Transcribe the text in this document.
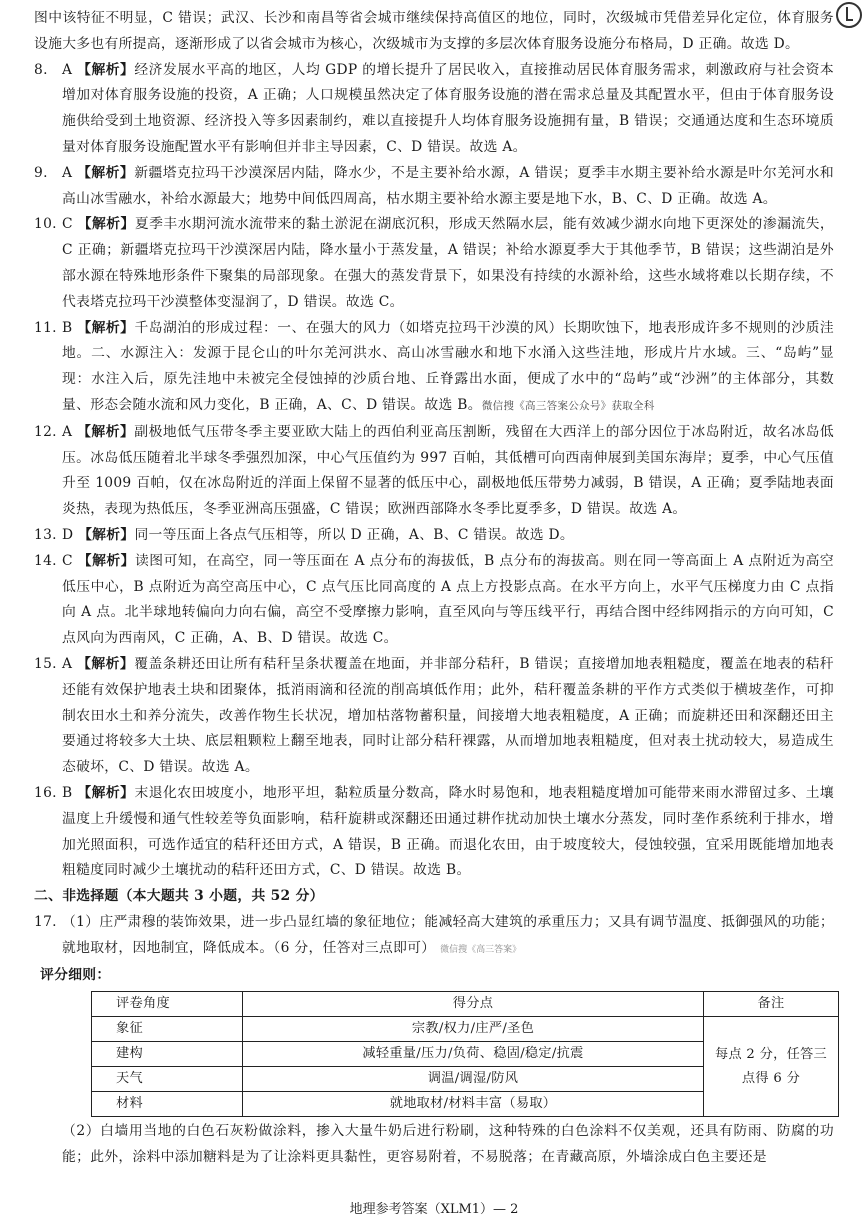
图中该特征不明显，C 错误；武汉、长沙和南昌等省会城市继续保持高值区的地位，同时，次级城市凭借差异化定位，体育服务设施大多也有所提高，逐渐形成了以省会城市为核心，次级城市为支撑的多层次体育服务设施分布格局，D 正确。故选 D。

8.	A 【解析】经济发展水平高的地区，人均 GDP 的增长提升了居民收入，直接推动居民体育服务需求，刺激政府与社会资本增加对体育服务设施的投资，A 正确；人口规模虽然决定了体育服务设施的潜在需求总量及其配置水平，但由于体育服务设施供给受到土地资源、经济投入等多因素制约，难以直接提升人均体育服务设施拥有量，B 错误；交通通达度和生态环境质量对体育服务设施配置水平有影响但并非主导因素，C、D 错误。故选 A。
9.	A 【解析】新疆塔克拉玛干沙漠深居内陆，降水少，不是主要补给水源，A 错误；夏季丰水期主要补给水源是叶尔羌河水和高山冰雪融水，补给水源最大；地势中间低四周高，枯水期主要补给水源主要是地下水，B、C、D 正确。故选 A。
10. C 【解析】夏季丰水期河流水流带来的黏土淤泥在湖底沉积，形成天然隔水层，能有效减少湖水向地下更深处的渗漏流失，C 正确；新疆塔克拉玛干沙漠深居内陆，降水量小于蒸发量，A 错误；补给水源夏季大于其他季节，B 错误；这些湖泊是外部水源在特殊地形条件下聚集的局部现象。在强大的蒸发背景下，如果没有持续的水源补给，这些水域将难以长期存续，不代表塔克拉玛干沙漠整体变湿润了，D 错误。故选 C。
11. B 【解析】千岛湖泊的形成过程：一、在强大的风力（如塔克拉玛干沙漠的风）长期吹蚀下，地表形成许多不规则的沙质洼地。二、水源注入：发源于昆仑山的叶尔羌河洪水、高山冰雪融水和地下水涌入这些洼地，形成片片水域。三、“岛屿”显现：水注入后，原先洼地中未被完全侵蚀掉的沙质台地、丘脊露出水面，便成了水中的“岛屿”或“沙洲”的主体部分，其数量、形态会随水流和风力变化，B 正确，A、C、D 错误。故选 B。微信搜《高三答案公众号》获取全科
12. A 【解析】副极地低气压带冬季主要亚欧大陆上的西伯利亚高压割断，残留在大西洋上的部分因位于冰岛附近，故名冰岛低压。冰岛低压随着北半球冬季强烈加深，中心气压值约为 997 百帕，其低槽可向西南伸展到美国东海岸；夏季，中心气压值升至 1009 百帕，仅在冰岛附近的洋面上保留不显著的低压中心，副极地低压带势力减弱，B 错误，A 正确；夏季陆地表面炎热，表现为热低压，冬季亚洲高压强盛，C 错误；欧洲西部降水冬季比夏季多，D 错误。故选 A。
13. D 【解析】同一等压面上各点气压相等，所以 D 正确，A、B、C 错误。故选 D。
14. C 【解析】读图可知，在高空，同一等压面在 A 点分布的海拔低，B 点分布的海拔高。则在同一等高面上 A 点附近为高空低压中心，B 点附近为高空高压中心，C 点气压比同高度的 A 点上方投影点高。在水平方向上，水平气压梯度力由 C 点指向 A 点。北半球地转偏向力向右偏，高空不受摩擦力影响，直至风向与等压线平行，再结合图中经纬网指示的方向可知，C 点风向为西南风，C 正确，A、B、D 错误。故选 C。
15. A 【解析】覆盖条耕还田让所有秸秆呈条状覆盖在地面，并非部分秸秆，B 错误；直接增加地表粗糙度，覆盖在地表的秸秆还能有效保护地表土块和团聚体，抵消雨滴和径流的削高填低作用；此外，秸秆覆盖条耕的平作方式类似于横坡垄作，可抑制农田水土和养分流失，改善作物生长状况，增加枯落物蓄积量，间接增大地表粗糙度，A 正确；而旋耕还田和深翻还田主要通过将较多大土块、底层粗颗粒上翻至地表，同时让部分秸秆裸露，从而增加地表粗糙度，但对表土扰动较大，易造成生态破坏，C、D 错误。故选 A。
16. B 【解析】末退化农田坡度小，地形平坦，黏粒质量分数高，降水时易饱和，地表粗糙度增加可能带来雨水滞留过多、土壤温度上升缓慢和通气性较差等负面影响，秸秆旋耕或深翻还田通过耕作扰动加快土壤水分蒸发，同时垄作系统利于排水，增加光照面积，可选作适宜的秸秆还田方式，A 错误，B 正确。而退化农田，由于坡度较大，侵蚀较强，宜采用既能增加地表粗糙度同时减少土壤扰动的秸秆还田方式，C、D 错误。故选 B。

二、非选择题（本大题共 3 小题，共 52 分）

17. （1）庄严肃穆的装饰效果，进一步凸显红墙的象征地位；能减轻高大建筑的承重压力；又具有调节温度、抵御强风的功能；就地取材，因地制宜，降低成本。（6 分，任答对三点即可） 微信搜《高三答案》

评分细则：

评卷角度	得分点	备注
象征	宗教/权力/庄严/圣色	每点 2 分，任答三点得 6 分
建构	减轻重量/压力/负荷、稳固/稳定/抗震	
天气	调温/调湿/防风	
材料	就地取材/材料丰富（易取）	

（2）白墙用当地的白色石灰粉做涂料，掺入大量牛奶后进行粉刷，这种特殊的白色涂料不仅美观，还具有防雨、防腐的功能；此外，涂料中添加糖料是为了让涂料更具黏性，更容易附着，不易脱落；在青藏高原，外墙涂成白色主要还是

地理参考答案（XLM1）— 2
